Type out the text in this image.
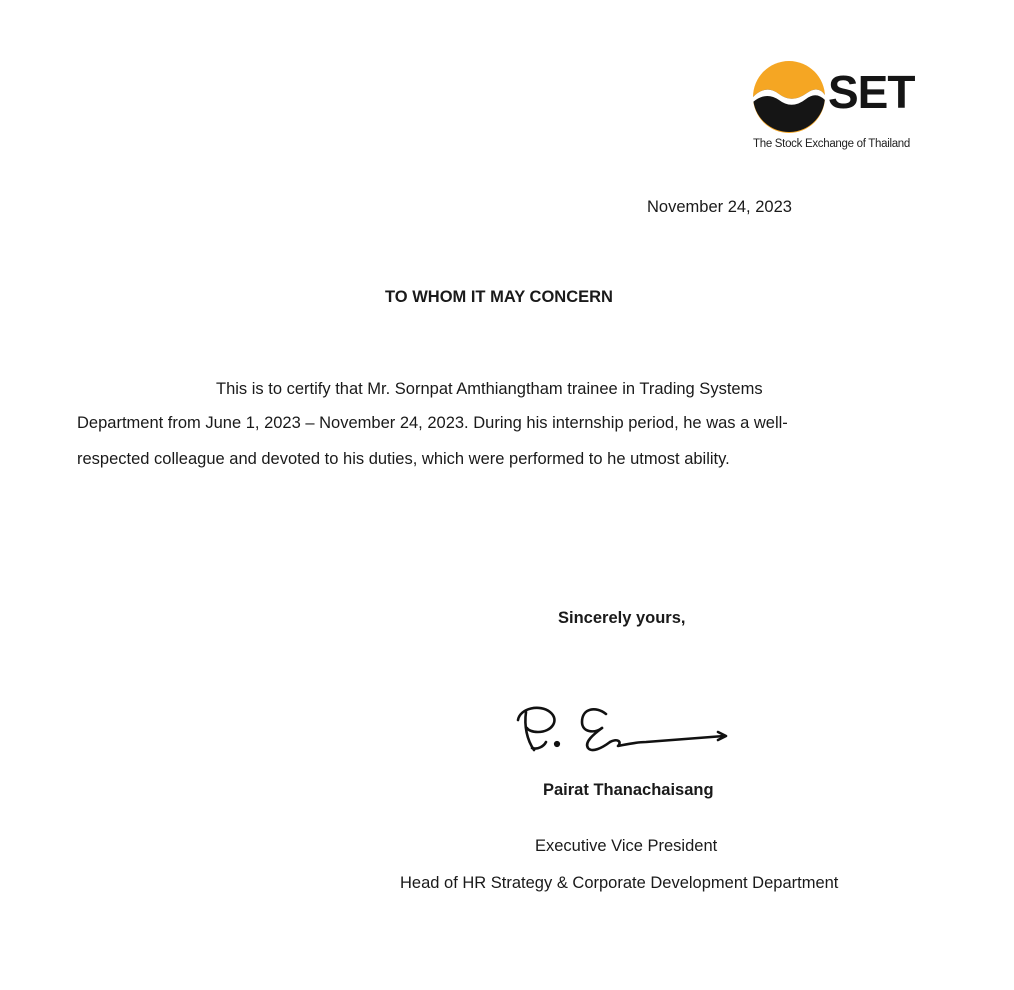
SET
The Stock Exchange of Thailand
November 24, 2023
TO WHOM IT MAY CONCERN
This is to certify that Mr. Sornpat Amthiangtham trainee in Trading Systems
Department from June 1, 2023 – November 24, 2023. During his internship period, he was a well-
respected colleague and devoted to his duties, which were performed to he utmost ability.
Sincerely yours,
Pairat Thanachaisang
Executive Vice President
Head of HR Strategy & Corporate Development Department
